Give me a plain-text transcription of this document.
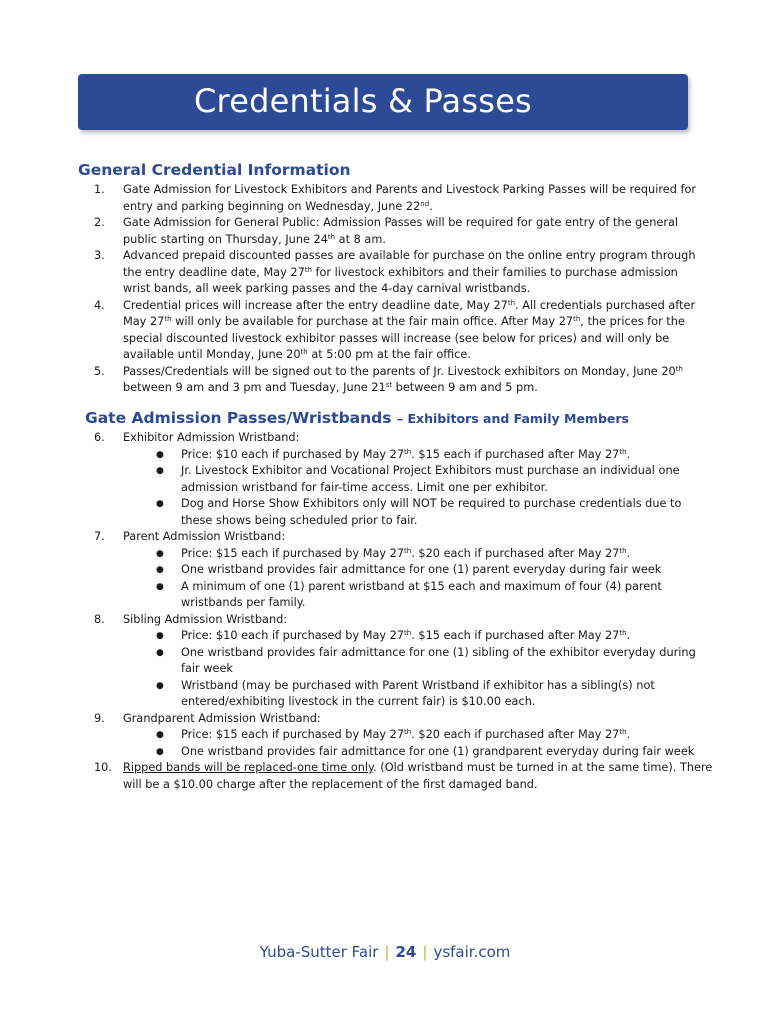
Credentials & Passes
General Credential Information
1. Gate Admission for Livestock Exhibitors and Parents and Livestock Parking Passes will be required for entry and parking beginning on Wednesday, June 22nd.
2. Gate Admission for General Public: Admission Passes will be required for gate entry of the general public starting on Thursday, June 24th at 8 am.
3. Advanced prepaid discounted passes are available for purchase on the online entry program through the entry deadline date, May 27th for livestock exhibitors and their families to purchase admission wrist bands, all week parking passes and the 4-day carnival wristbands.
4. Credential prices will increase after the entry deadline date, May 27th. All credentials purchased after May 27th will only be available for purchase at the fair main office. After May 27th, the prices for the special discounted livestock exhibitor passes will increase (see below for prices) and will only be available until Monday, June 20th at 5:00 pm at the fair office.
5. Passes/Credentials will be signed out to the parents of Jr. Livestock exhibitors on Monday, June 20th between 9 am and 3 pm and Tuesday, June 21st between 9 am and 5 pm.
Gate Admission Passes/Wristbands – Exhibitors and Family Members
6. Exhibitor Admission Wristband:
● Price: $10 each if purchased by May 27th. $15 each if purchased after May 27th.
● Jr. Livestock Exhibitor and Vocational Project Exhibitors must purchase an individual one admission wristband for fair-time access. Limit one per exhibitor.
● Dog and Horse Show Exhibitors only will NOT be required to purchase credentials due to these shows being scheduled prior to fair.
7. Parent Admission Wristband:
● Price: $15 each if purchased by May 27th. $20 each if purchased after May 27th.
● One wristband provides fair admittance for one (1) parent everyday during fair week
● A minimum of one (1) parent wristband at $15 each and maximum of four (4) parent wristbands per family.
8. Sibling Admission Wristband:
● Price: $10 each if purchased by May 27th. $15 each if purchased after May 27th.
● One wristband provides fair admittance for one (1) sibling of the exhibitor everyday during fair week
● Wristband (may be purchased with Parent Wristband if exhibitor has a sibling(s) not entered/exhibiting livestock in the current fair) is $10.00 each.
9. Grandparent Admission Wristband:
● Price: $15 each if purchased by May 27th. $20 each if purchased after May 27th.
● One wristband provides fair admittance for one (1) grandparent everyday during fair week
10. Ripped bands will be replaced-one time only. (Old wristband must be turned in at the same time). There will be a $10.00 charge after the replacement of the first damaged band.
Yuba-Sutter Fair | 24 | ysfair.com
